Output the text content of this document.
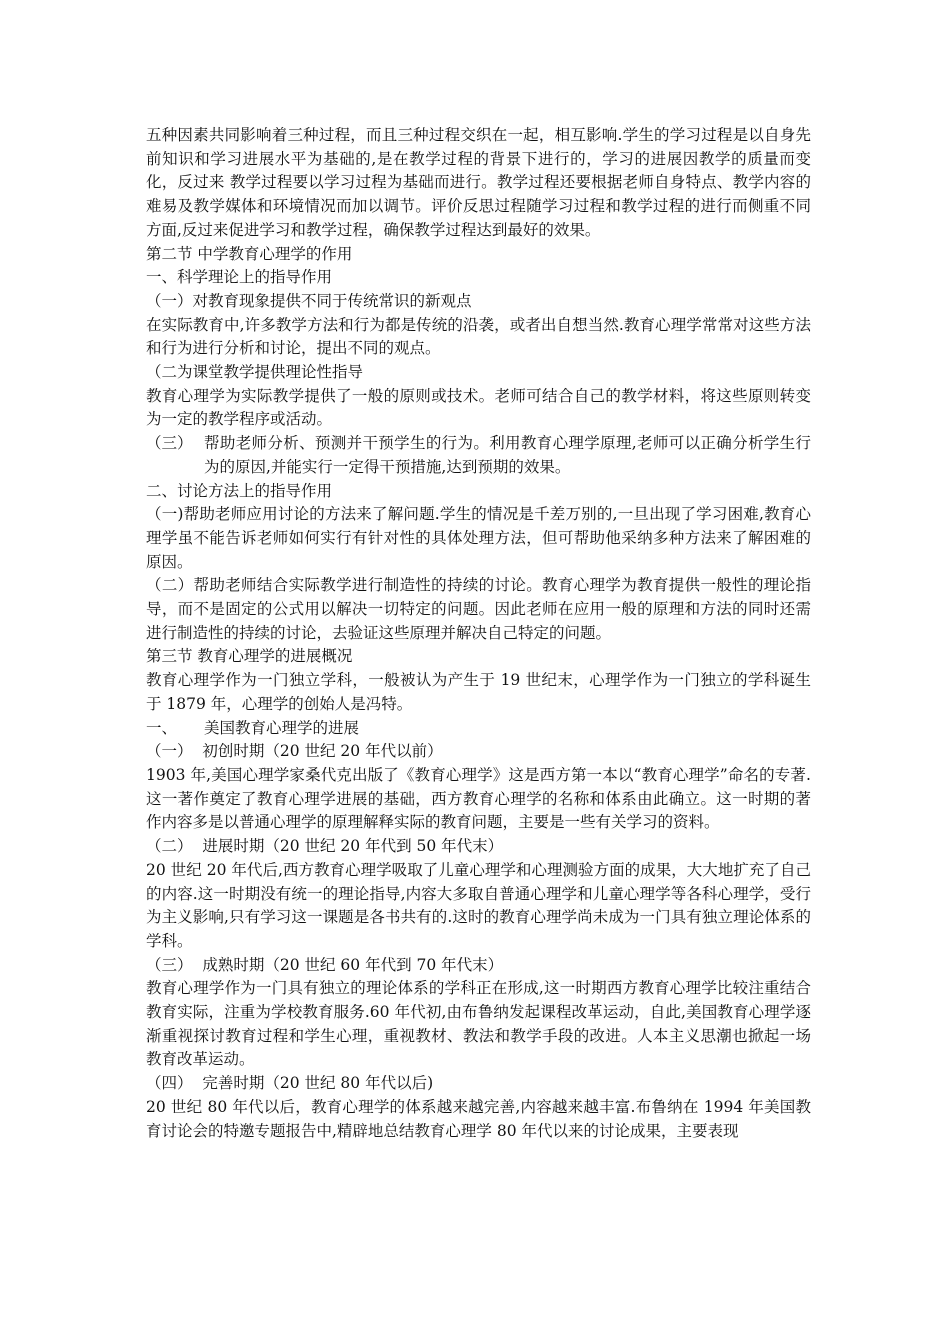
五种因素共同影响着三种过程，而且三种过程交织在一起，相互影响.学生的学习过程是以自身先前知识和学习进展水平为基础的,是在教学过程的背景下进行的，学习的进展因教学的质量而变化，反过来 教学过程要以学习过程为基础而进行。教学过程还要根据老师自身特点、教学内容的难易及教学媒体和环境情况而加以调节。评价反思过程随学习过程和教学过程的进行而侧重不同方面,反过来促进学习和教学过程，确保教学过程达到最好的效果。

第二节 中学教育心理学的作用

一、科学理论上的指导作用

（一）对教育现象提供不同于传统常识的新观点

在实际教育中,许多教学方法和行为都是传统的沿袭，或者出自想当然.教育心理学常常对这些方法和行为进行分析和讨论，提出不同的观点。

（二为课堂教学提供理论性指导

教育心理学为实际教学提供了一般的原则或技术。老师可结合自己的教学材料，将这些原则转变为一定的教学程序或活动。

（三） 帮助老师分析、预测并干预学生的行为。利用教育心理学原理,老师可以正确分析学生行为的原因,并能实行一定得干预措施,达到预期的效果。

二、讨论方法上的指导作用

（一)帮助老师应用讨论的方法来了解问题.学生的情况是千差万别的,一旦出现了学习困难,教育心理学虽不能告诉老师如何实行有针对性的具体处理方法，但可帮助他采纳多种方法来了解困难的原因。

（二）帮助老师结合实际教学进行制造性的持续的讨论。教育心理学为教育提供一般性的理论指导，而不是固定的公式用以解决一切特定的问题。因此老师在应用一般的原理和方法的同时还需进行制造性的持续的讨论，去验证这些原理并解决自己特定的问题。

第三节 教育心理学的进展概况

教育心理学作为一门独立学科，一般被认为产生于 19 世纪末，心理学作为一门独立的学科诞生于 1879 年，心理学的创始人是冯特。

一、	美国教育心理学的进展

（一）  初创时期（20 世纪 20 年代以前）

1903 年,美国心理学家桑代克出版了《教育心理学》这是西方第一本以“教育心理学”命名的专著.这一著作奠定了教育心理学进展的基础，西方教育心理学的名称和体系由此确立。这一时期的著作内容多是以普通心理学的原理解释实际的教育问题，主要是一些有关学习的资料。

（二）  进展时期（20 世纪 20 年代到 50 年代末）

20 世纪 20 年代后,西方教育心理学吸取了儿童心理学和心理测验方面的成果，大大地扩充了自己的内容.这一时期没有统一的理论指导,内容大多取自普通心理学和儿童心理学等各科心理学，受行为主义影响,只有学习这一课题是各书共有的.这时的教育心理学尚未成为一门具有独立理论体系的学科。

（三）  成熟时期（20 世纪 60 年代到 70 年代末）

教育心理学作为一门具有独立的理论体系的学科正在形成,这一时期西方教育心理学比较注重结合教育实际，注重为学校教育服务.60 年代初,由布鲁纳发起课程改革运动，自此,美国教育心理学逐渐重视探讨教育过程和学生心理，重视教材、教法和教学手段的改进。人本主义思潮也掀起一场教育改革运动。

（四）  完善时期（20 世纪 80 年代以后)

20 世纪 80 年代以后，教育心理学的体系越来越完善,内容越来越丰富.布鲁纳在 1994 年美国教育讨论会的特邀专题报告中,精辟地总结教育心理学 80 年代以来的讨论成果，主要表现
